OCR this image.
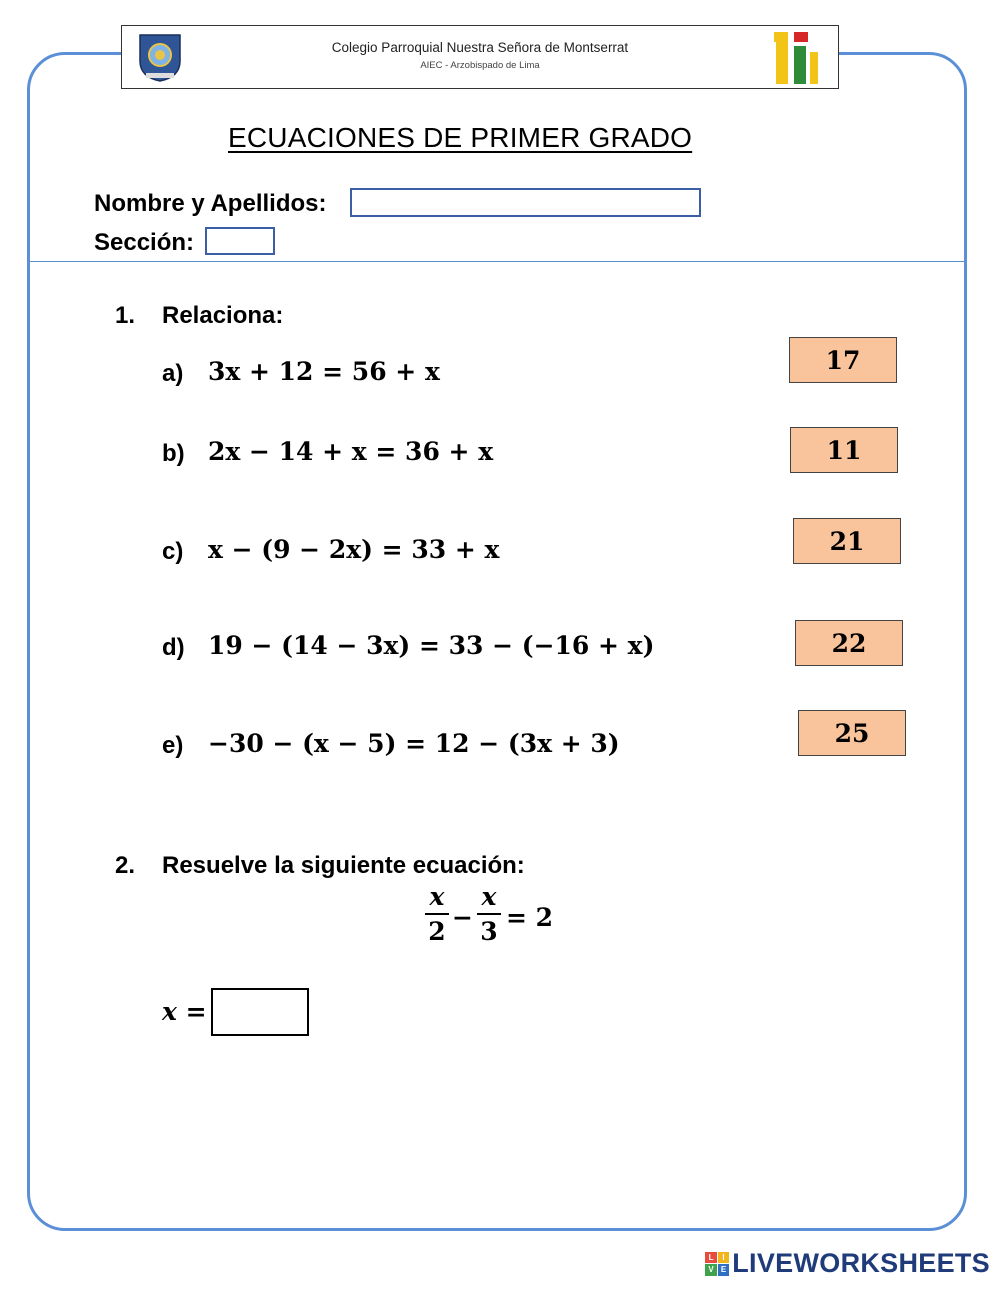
Colegio Parroquial Nuestra Señora de Montserrat
AIEC - Arzobispado de Lima
ECUACIONES DE PRIMER GRADO
Nombre y Apellidos:
Sección:
1. Relaciona:
a) 3x + 12 = 56 + x
b) 2x − 14 + x = 36 + x
c) x − (9 − 2x) = 33 + x
d) 19 − (14 − 3x) = 33 − (−16 + x)
e) −30 − (x − 5) = 12 − (3x + 3)
17
11
21
22
25
2. Resuelve la siguiente ecuación:
x
2 −
x
3 = 2
x =
L	I
V E LIVEWORKSHEETS
